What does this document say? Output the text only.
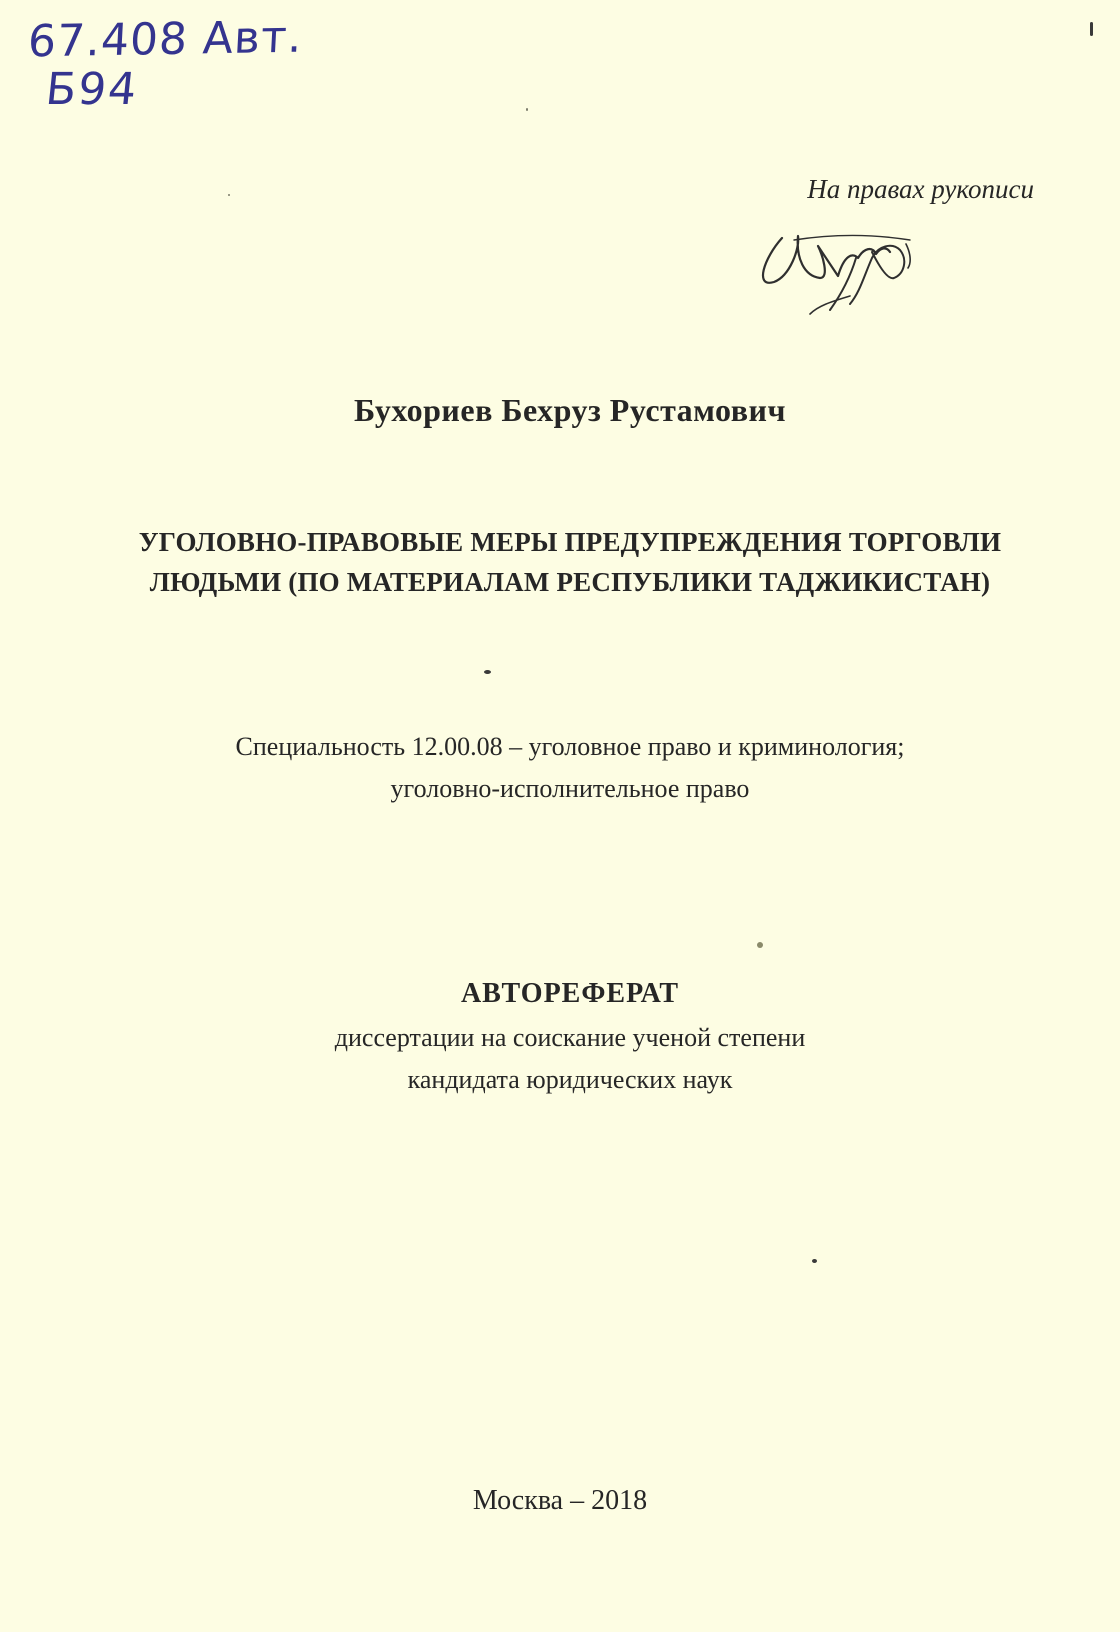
67.408 Авт.
Б94
На правах рукописи
Бухориев Бехруз Рустамович
УГОЛОВНО-ПРАВОВЫЕ МЕРЫ ПРЕДУПРЕЖДЕНИЯ ТОРГОВЛИ
ЛЮДЬМИ (ПО МАТЕРИАЛАМ РЕСПУБЛИКИ ТАДЖИКИСТАН)
Специальность 12.00.08 – уголовное право и криминология;
уголовно-исполнительное право
АВТОРЕФЕРАТ
диссертации на соискание ученой степени
кандидата юридических наук
Москва – 2018
